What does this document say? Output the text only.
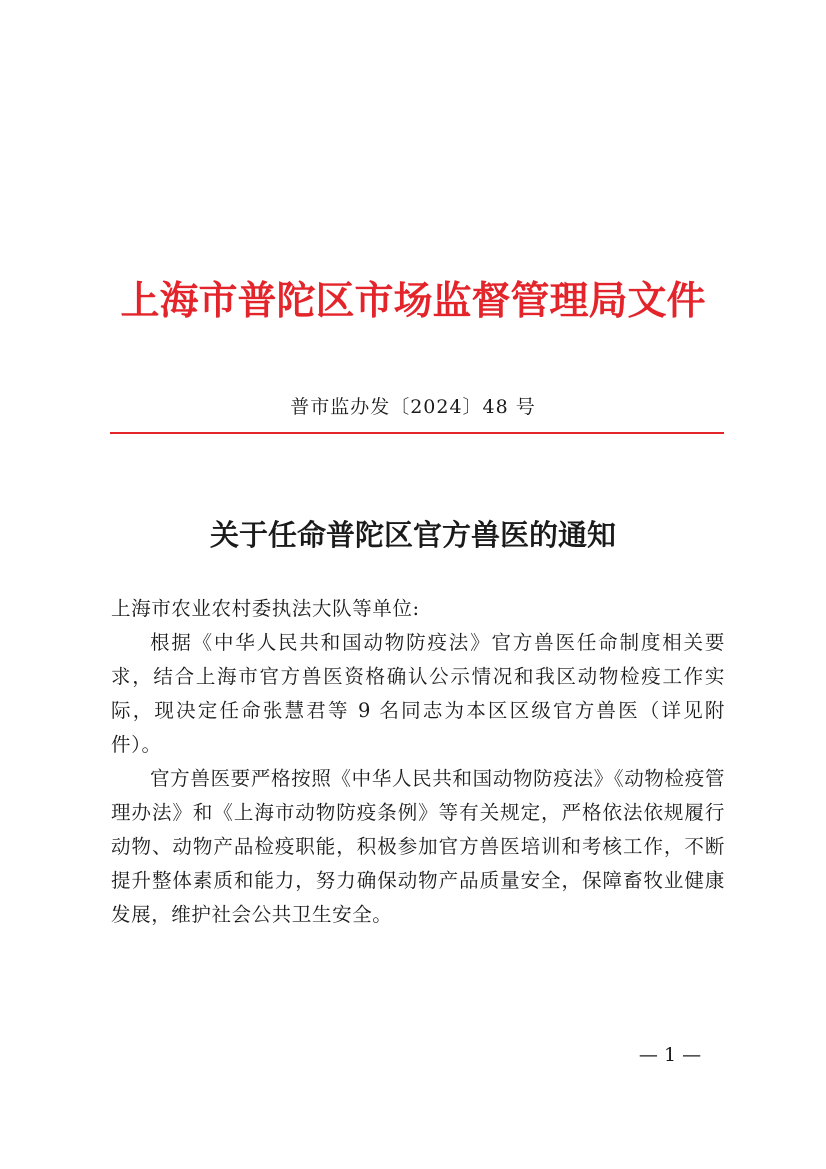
上海市普陀区市场监督管理局文件
普市监办发〔2024〕48 号
关于任命普陀区官方兽医的通知

上海市农业农村委执法大队等单位:

根据《中华人民共和国动物防疫法》官方兽医任命制度相关要求，结合上海市官方兽医资格确认公示情况和我区动物检疫工作实际，现决定任命张慧君等 9 名同志为本区区级官方兽医（详见附件）。

官方兽医要严格按照《中华人民共和国动物防疫法》《动物检疫管理办法》和《上海市动物防疫条例》等有关规定，严格依法依规履行动物、动物产品检疫职能，积极参加官方兽医培训和考核工作，不断提升整体素质和能力，努力确保动物产品质量安全，保障畜牧业健康发展，维护社会公共卫生安全。

— 1 —
